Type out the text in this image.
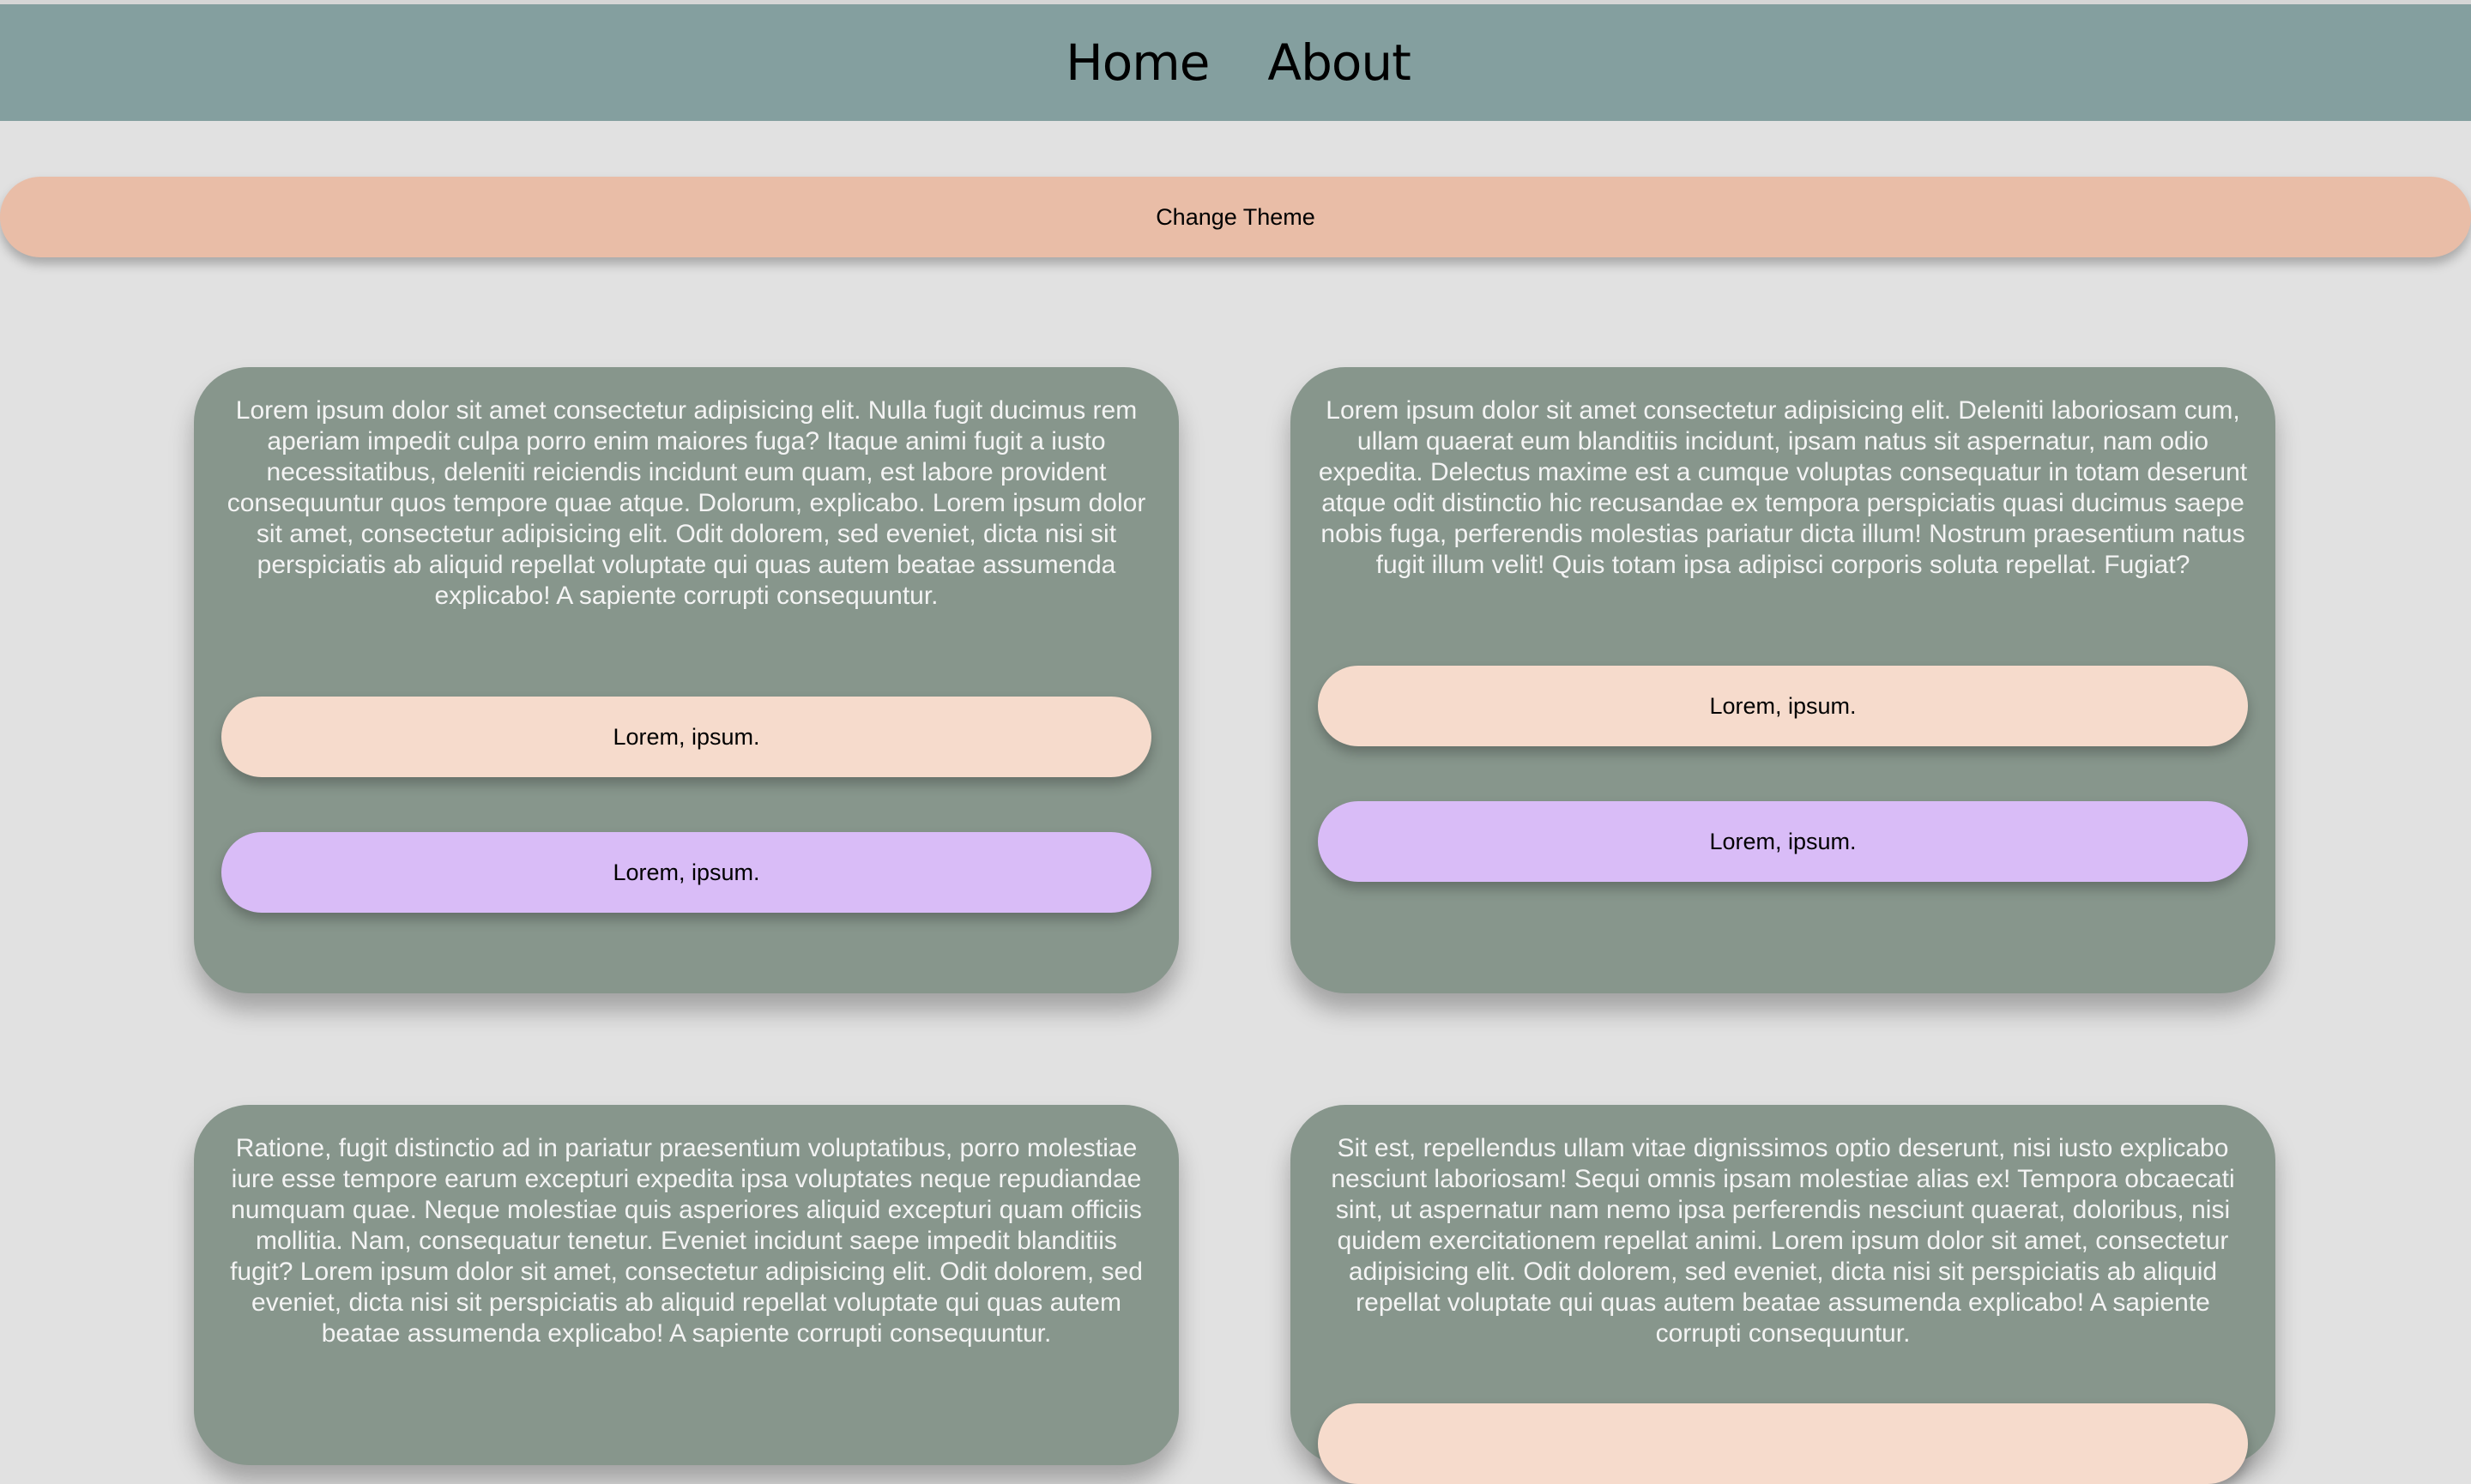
Home About
Change Theme

Lorem ipsum dolor sit amet consectetur adipisicing elit. Nulla fugit ducimus rem aperiam impedit culpa porro enim maiores fuga? Itaque animi fugit a iusto necessitatibus, deleniti reiciendis incidunt eum quam, est labore provident consequuntur quos tempore quae atque. Dolorum, explicabo. Lorem ipsum dolor sit amet, consectetur adipisicing elit. Odit dolorem, sed eveniet, dicta nisi sit perspiciatis ab aliquid repellat voluptate qui quas autem beatae assumenda explicabo! A sapiente corrupti consequuntur.

Lorem, ipsum.
Lorem, ipsum.

Lorem ipsum dolor sit amet consectetur adipisicing elit. Deleniti laboriosam cum, ullam quaerat eum blanditiis incidunt, ipsam natus sit aspernatur, nam odio expedita. Delectus maxime est a cumque voluptas consequatur in totam deserunt atque odit distinctio hic recusandae ex tempora perspiciatis quasi ducimus saepe nobis fuga, perferendis molestias pariatur dicta illum! Nostrum praesentium natus fugit illum velit! Quis totam ipsa adipisci corporis soluta repellat. Fugiat?

Lorem, ipsum.
Lorem, ipsum.

Ratione, fugit distinctio ad in pariatur praesentium voluptatibus, porro molestiae iure esse tempore earum excepturi expedita ipsa voluptates neque repudiandae numquam quae. Neque molestiae quis asperiores aliquid excepturi quam officiis mollitia. Nam, consequatur tenetur. Eveniet incidunt saepe impedit blanditiis fugit? Lorem ipsum dolor sit amet, consectetur adipisicing elit. Odit dolorem, sed eveniet, dicta nisi sit perspiciatis ab aliquid repellat voluptate qui quas autem beatae assumenda explicabo! A sapiente corrupti consequuntur.

Sit est, repellendus ullam vitae dignissimos optio deserunt, nisi iusto explicabo nesciunt laboriosam! Sequi omnis ipsam molestiae alias ex! Tempora obcaecati sint, ut aspernatur nam nemo ipsa perferendis nesciunt quaerat, doloribus, nisi quidem exercitationem repellat animi. Lorem ipsum dolor sit amet, consectetur adipisicing elit. Odit dolorem, sed eveniet, dicta nisi sit perspiciatis ab aliquid repellat voluptate qui quas autem beatae assumenda explicabo! A sapiente corrupti consequuntur.
